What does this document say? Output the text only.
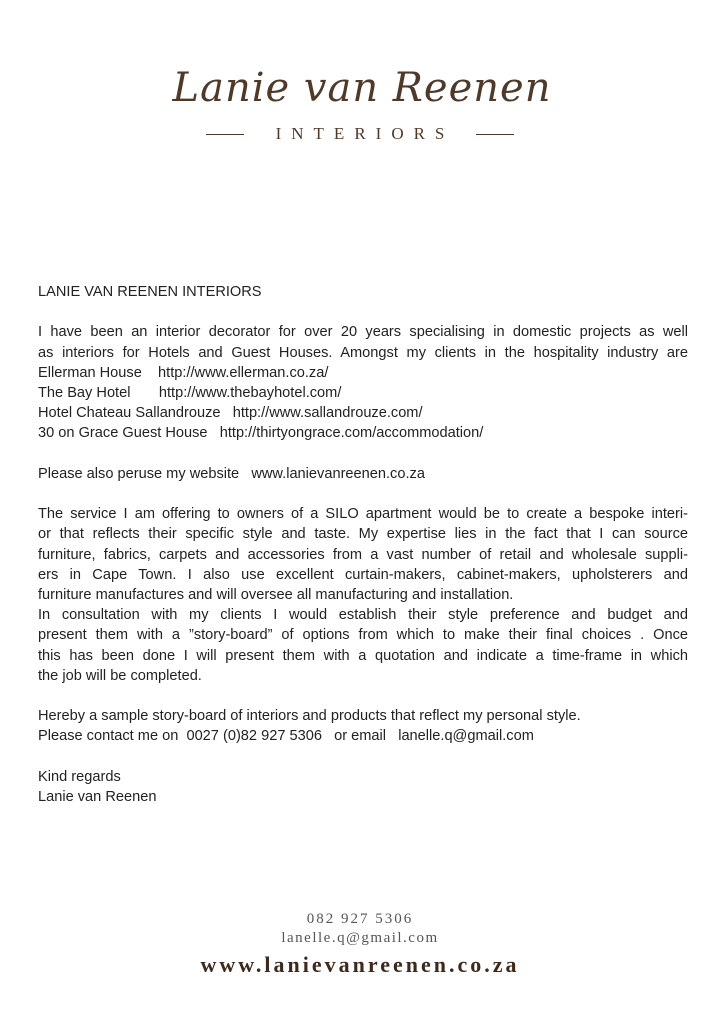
Lanie van Reenen
INTERIORS

LANIE VAN REENEN INTERIORS

I have been an interior decorator for over 20 years specialising in domestic projects as well
as interiors for Hotels and Guest Houses. Amongst my clients in the hospitality industry are
Ellerman House http://www.ellerman.co.za/
The Bay Hotel http://www.thebayhotel.com/
Hotel Chateau Sallandrouze http://www.sallandrouze.com/
30 on Grace Guest House http://thirtyongrace.com/accommodation/

Please also peruse my website   www.lanievanreenen.co.za

The service I am offering to owners of a SILO apartment would be to create a bespoke interi-
or that reflects their specific style and taste. My expertise lies in the fact that I can source
furniture, fabrics, carpets and accessories from a vast number of retail and wholesale suppli-
ers in Cape Town. I also use excellent curtain-makers, cabinet-makers, upholsterers and
furniture manufactures and will oversee all manufacturing and installation.
In consultation with my clients I would establish their style preference and budget and
present them with a ”story-board” of options from which to make their final choices . Once
this has been done I will present them with a quotation and indicate a time-frame in which
the job will be completed.

Hereby a sample story-board of interiors and products that reflect my personal style.
Please contact me on  0027 (0)82 927 5306   or email   lanelle.q@gmail.com

Kind regards
Lanie van Reenen

082 927 5306
lanelle.q@gmail.com
www.lanievanreenen.co.za
